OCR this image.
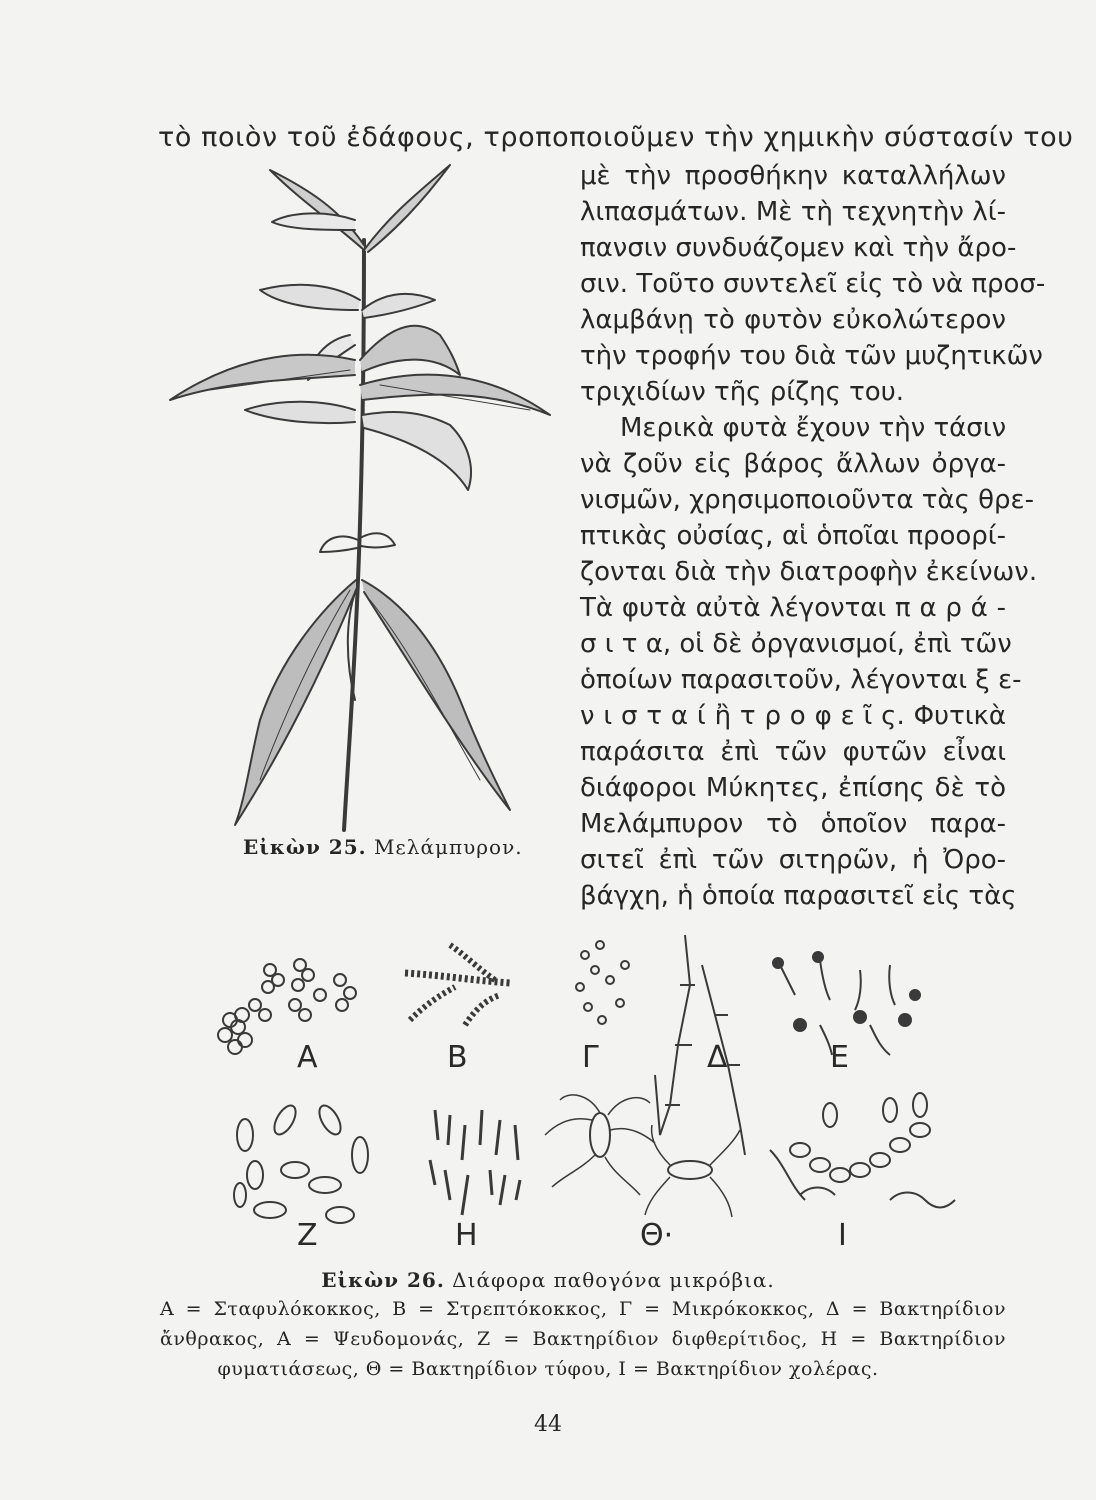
τὸ ποιὸν τοῦ ἐδάφους, τροποποιοῦμεν τὴν χημικὴν σύστασίν του
μὲ τὴν προσθήκην καταλλήλων
λιπασμάτων. Μὲ τὴ τεχνητὴν λί-
πανσιν συνδυάζομεν καὶ τὴν ἄρο-
σιν. Τοῦτο συντελεῖ εἰς τὸ νὰ προσ-
λαμβάνῃ τὸ φυτὸν εὐκολώτερον
τὴν τροφήν του διὰ τῶν μυζητικῶν
τριχιδίων τῆς ρίζης του.
Μερικὰ φυτὰ ἔχουν τὴν τάσιν
νὰ ζοῦν εἰς βάρος ἄλλων ὀργα-
νισμῶν, χρησιμοποιοῦντα τὰς θρε-
πτικὰς οὐσίας, αἱ ὁποῖαι προορί-
ζονται διὰ τὴν διατροφὴν ἐκείνων.
Τὰ φυτὰ αὐτὰ λέγονται π α ρ ά -
σ ι τ α, οἱ δὲ ὀργανισμοί, ἐπὶ τῶν
ὁποίων παρασιτοῦν, λέγονται ξ ε-
ν ι σ τ α ί ἢ τ ρ ο φ ε ῖ ς. Φυτικὰ
παράσιτα ἐπὶ τῶν φυτῶν εἶναι
διάφοροι Μύκητες, ἐπίσης δὲ τὸ
Μελάμπυρον τὸ ὁποῖον παρα-
σιτεῖ ἐπὶ τῶν σιτηρῶν, ἡ Ὀρο-
βάγχη, ἡ ὁποία παρασιτεῖ εἰς τὰς
Εἰκὼν 25. Μελάμπυρον.
Α	Β	Γ	Δ	Ε
Ζ	Η	Θ·	Ι
Εἰκὼν 26. Διάφορα παθογόνα μικρόβια.
Α = Σταφυλόκοκκος, Β = Στρεπτόκοκκος, Γ = Μικρόκοκκος, Δ = Βακτηρίδιον
ἄνθρακος, Α = Ψευδομονάς, Ζ = Βακτηρίδιον διφθερίτιδος, Η = Βακτηρίδιον
φυματιάσεως, Θ = Βακτηρίδιον τύφου, Ι = Βακτηρίδιον χολέρας.
44
